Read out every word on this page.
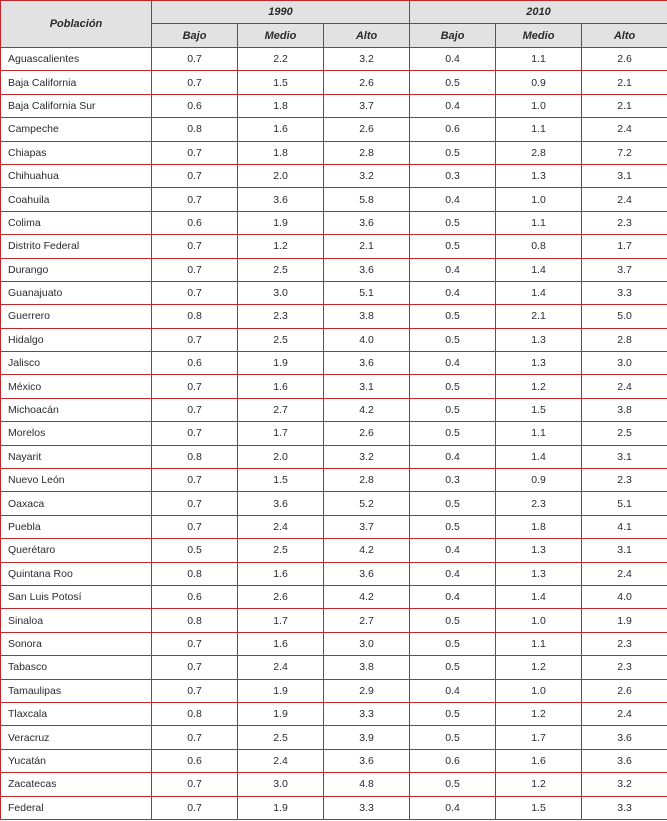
Población	1990			2010		
	Bajo	Medio	Alto	Bajo	Medio	Alto
Aguascalientes	0.7	2.2	3.2	0.4	1.1	2.6
Baja California	0.7	1.5	2.6	0.5	0.9	2.1
Baja California Sur	0.6	1.8	3.7	0.4	1.0	2.1
Campeche	0.8	1.6	2.6	0.6	1.1	2.4
Chiapas	0.7	1.8	2.8	0.5	2.8	7.2
Chihuahua	0.7	2.0	3.2	0.3	1.3	3.1
Coahuila	0.7	3.6	5.8	0.4	1.0	2.4
Colima	0.6	1.9	3.6	0.5	1.1	2.3
Distrito Federal	0.7	1.2	2.1	0.5	0.8	1.7
Durango	0.7	2.5	3.6	0.4	1.4	3.7
Guanajuato	0.7	3.0	5.1	0.4	1.4	3.3
Guerrero	0.8	2.3	3.8	0.5	2.1	5.0
Hidalgo	0.7	2.5	4.0	0.5	1.3	2.8
Jalisco	0.6	1.9	3.6	0.4	1.3	3.0
México	0.7	1.6	3.1	0.5	1.2	2.4
Michoacán	0.7	2.7	4.2	0.5	1.5	3.8
Morelos	0.7	1.7	2.6	0.5	1.1	2.5
Nayarit	0.8	2.0	3.2	0.4	1.4	3.1
Nuevo León	0.7	1.5	2.8	0.3	0.9	2.3
Oaxaca	0.7	3.6	5.2	0.5	2.3	5.1
Puebla	0.7	2.4	3.7	0.5	1.8	4.1
Querétaro	0.5	2.5	4.2	0.4	1.3	3.1
Quintana Roo	0.8	1.6	3.6	0.4	1.3	2.4
San Luis Potosí	0.6	2.6	4.2	0.4	1.4	4.0
Sinaloa	0.8	1.7	2.7	0.5	1.0	1.9
Sonora	0.7	1.6	3.0	0.5	1.1	2.3
Tabasco	0.7	2.4	3.8	0.5	1.2	2.3
Tamaulipas	0.7	1.9	2.9	0.4	1.0	2.6
Tlaxcala	0.8	1.9	3.3	0.5	1.2	2.4
Veracruz	0.7	2.5	3.9	0.5	1.7	3.6
Yucatán	0.6	2.4	3.6	0.6	1.6	3.6
Zacatecas	0.7	3.0	4.8	0.5	1.2	3.2
Federal	0.7	1.9	3.3	0.4	1.5	3.3
